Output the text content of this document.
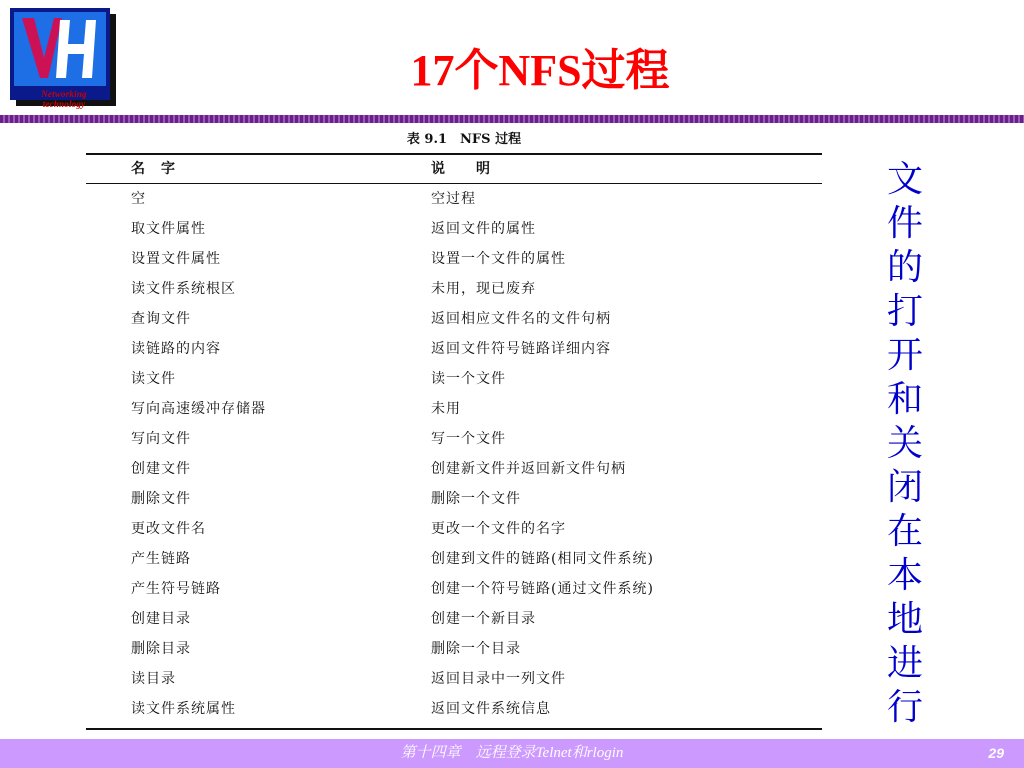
Networking
technology
17个NFS过程
表 9.1　NFS 过程
名　字	说　　明
空	空过程
取文件属性	返回文件的属性
设置文件属性	设置一个文件的属性
读文件系统根区	未用，现已废弃
查询文件	返回相应文件名的文件句柄
读链路的内容	返回文件符号链路详细内容
读文件	读一个文件
写向高速缓冲存储器	未用
写向文件	写一个文件
创建文件	创建新文件并返回新文件句柄
删除文件	删除一个文件
更改文件名	更改一个文件的名字
产生链路	创建到文件的链路(相同文件系统)
产生符号链路	创建一个符号链路(通过文件系统)
创建目录	创建一个新目录
删除目录	删除一个目录
读目录	返回目录中一列文件
读文件系统属性	返回文件系统信息
文
件
的
打
开
和
关
闭
在
本
地
进
行
第十四章　远程登录Telnet和rlogin	29
